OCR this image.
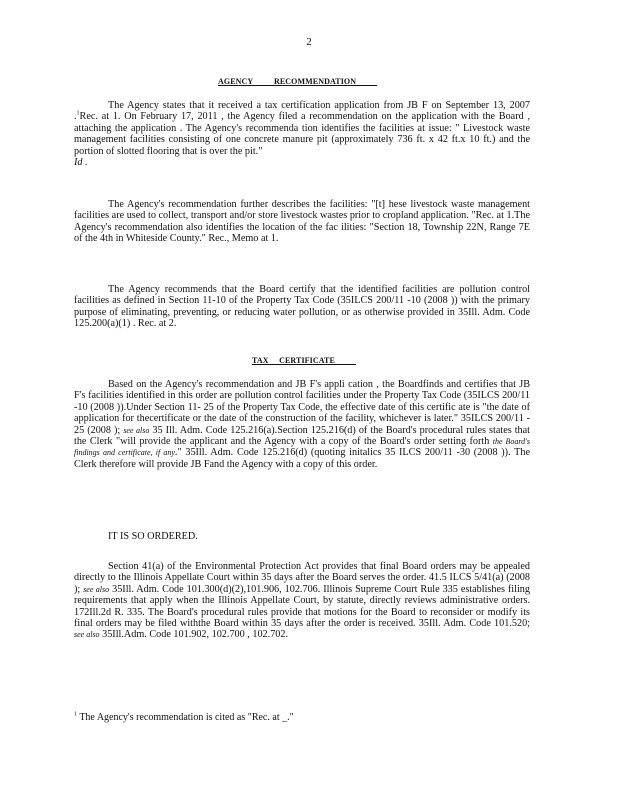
2
AGENCY          RECOMMENDATION

The Agency states that it received a tax certification application from JB F on September 13, 2007 .$^1$Rec. at 1. On February 17, 2011 , the Agency filed a recommendation on the application with the Board , attaching the application . The Agency's recommenda tion identifies the facilities at issue: " Livestock waste management facilities consisting of one concrete manure pit (approximately 736 ft. x 42 ft.x 10 ft.) and the portion of slotted flooring that is over the pit."

Id .

The Agency's recommendation further describes the facilities: "[t] hese livestock waste management facilities are used to collect, transport and/or store livestock wastes prior to cropland application. "Rec. at 1.The Agency's recommendation also identifies the location of the fac ilities: "Section 18, Township 22N, Range 7E of the 4th in Whiteside County." Rec., Memo at 1.

The Agency recommends that the Board certify that the identified facilities are pollution control facilities as defined in Section 11-10 of the Property Tax Code (35ILCS 200/11 -10 (2008 )) with the primary purpose of eliminating, preventing, or reducing water pollution, or as otherwise provided in 35Ill. Adm. Code 125.200(a)(1) . Rec. at 2.

TAX     CERTIFICATE

Based on the Agency's recommendation and JB F's appli cation , the Boardfinds and certifies that JB F's facilities identified in this order are pollution control facilities under the Property Tax Code (35ILCS 200/11 -10 (2008 )).Under Section 11- 25 of the Property Tax Code, the effective date of this certific ate is "the date of application for thecertificate or the date of the construction of the facility, whichever is later." 35ILCS 200/11 - 25 (2008 ); see also 35 Ill. Adm. Code 125.216(a).Section 125.216(d) of the Board's procedural rules states that the Clerk "will provide the applicant and the Agency with a copy of the Board's order setting forth the Board's findings and certificate, if any." 35Ill. Adm. Code 125.216(d) (quoting initalics 35 ILCS 200/11 -30 (2008 )). The Clerk therefore will provide JB Fand the Agency with a copy of this order.

IT IS SO ORDERED.

Section 41(a) of the Environmental Protection Act provides that final Board orders may be appealed directly to the Illinois Appellate Court within 35 days after the Board serves the order. 41.5 ILCS 5/41(a) (2008 ); see also 35Ill. Adm. Code 101.300(d)(2),101.906, 102.706. Illinois Supreme Court Rule 335 establishes filing requirements that apply when the Illinois Appellate Court, by statute, directly reviews administrative orders. 172Ill.2d R. 335. The Board's procedural rules provide that motions for the Board to reconsider or modify its final orders may be filed withthe Board within 35 days after the order is received. 35Ill. Adm. Code 101.520; see also 35Ill.Adm. Code 101.902, 102.700 , 102.702.

$^1$ The Agency's recommendation is cited as "Rec. at _."
